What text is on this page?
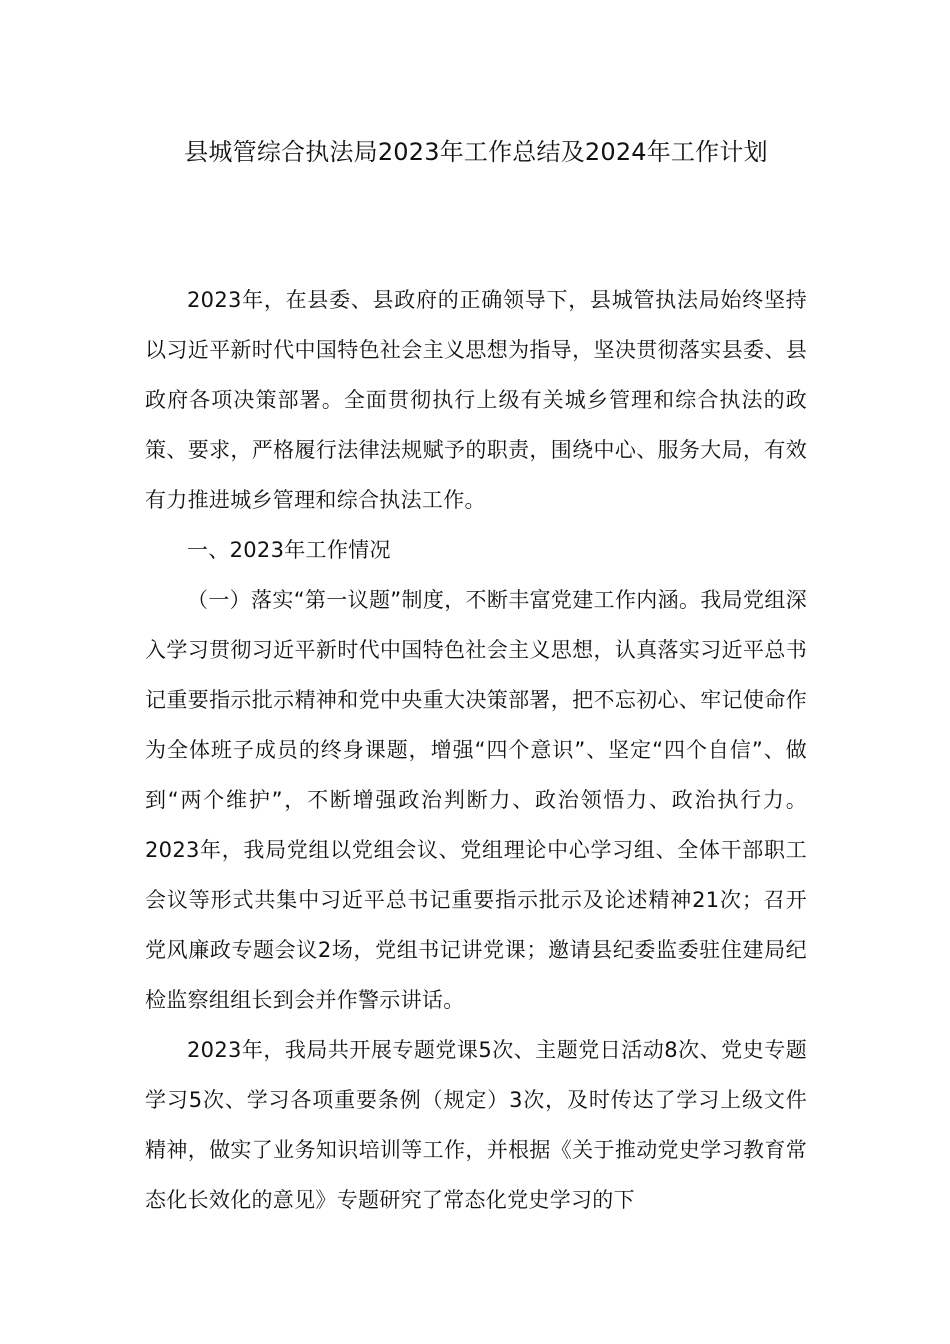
县城管综合执法局2023年工作总结及2024年工作计划

2023年，在县委、县政府的正确领导下，县城管执法局始终坚持以习近平新时代中国特色社会主义思想为指导，坚决贯彻落实县委、县政府各项决策部署。全面贯彻执行上级有关城乡管理和综合执法的政策、要求，严格履行法律法规赋予的职责，围绕中心、服务大局，有效有力推进城乡管理和综合执法工作。

一、2023年工作情况

（一）落实“第一议题”制度，不断丰富党建工作内涵。我局党组深入学习贯彻习近平新时代中国特色社会主义思想，认真落实习近平总书记重要指示批示精神和党中央重大决策部署，把不忘初心、牢记使命作为全体班子成员的终身课题，增强“四个意识”、坚定“四个自信”、做到“两个维护”，不断增强政治判断力、政治领悟力、政治执行力。2023年，我局党组以党组会议、党组理论中心学习组、全体干部职工会议等形式共集中习近平总书记重要指示批示及论述精神21次；召开党风廉政专题会议2场，党组书记讲党课；邀请县纪委监委驻住建局纪检监察组组长到会并作警示讲话。

2023年，我局共开展专题党课5次、主题党日活动8次、党史专题学习5次、学习各项重要条例（规定）3次，及时传达了学习上级文件精神，做实了业务知识培训等工作，并根据《关于推动党史学习教育常态化长效化的意见》专题研究了常态化党史学习的下
